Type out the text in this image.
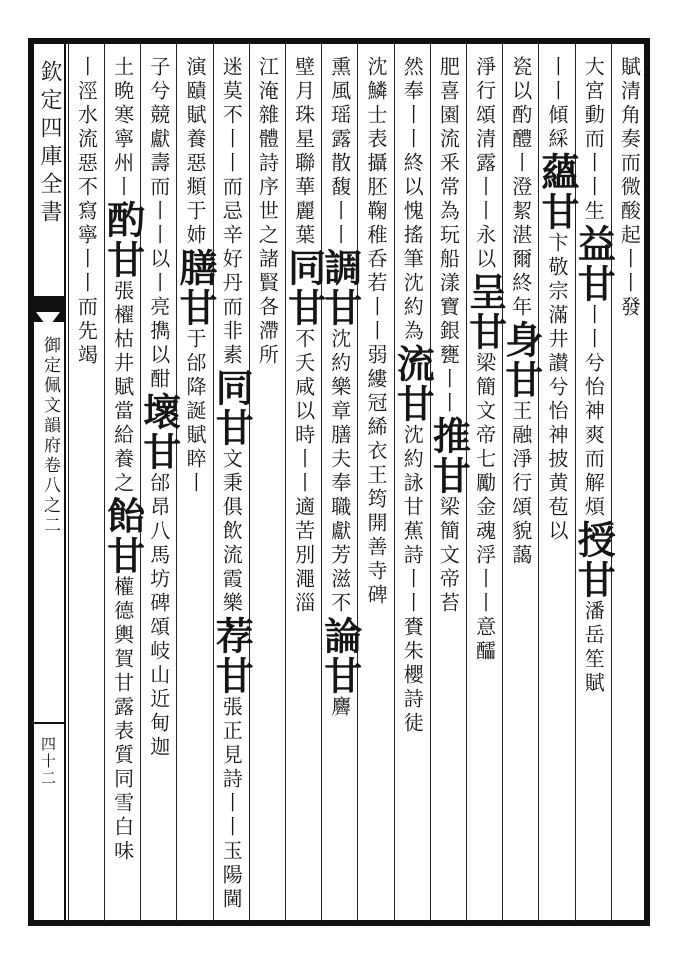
欽定四庫全書
御定佩文韻府卷八之二
四十二
賦清角奏而微酸起丨丨發
大宮動而丨丨生益甘丨丨兮怡神爽而解煩授甘潘岳笙賦
丨丨傾綵蘊甘卞敬宗滿井讃兮怡神披黄苞以
瓷以酌醴丨澄絜湛爾終年身甘王融淨行頌貌藹
淨行頌清露丨丨永以呈甘梁簡文帝七勵金魂浮丨丨意醽
肥喜園流釆常為玩船漾寶銀甕丨丨推甘梁簡文帝苔
然奉丨丨終以愧搖筆沈約為流甘沈約詠甘蕉詩丨丨賚朱櫻詩徒
沈鱗士表攝胚鞠稚呑若丨丨弱縷冠絺衣王筠開善寺碑
熏風瑶露散馥丨丨調甘沈約樂章膳夫奉職獻芳滋不論甘麡
壁月珠星聯華麗葉同甘不夭咸以時丨丨適苦別澠淄
江淹雜體詩序世之諸賢各滯所
迷莫不丨丨而忌辛好丹而非素同甘文秉俱飲流霞樂荐甘張正見詩丨丨玉陽閫
演賾賦養惡頫于姉膳甘于邰降誕賦睟丨
子兮競獻壽而丨丨以丨亮擕以酣壞甘邰昂八馬坊碑頌岐山近甸迦
土晩寒寧州丨酌甘張櫂枯井賦當給養之飴甘權德輿賀甘露表質同雪白味
丨涇水流惡不寫寧丨丨而先竭
